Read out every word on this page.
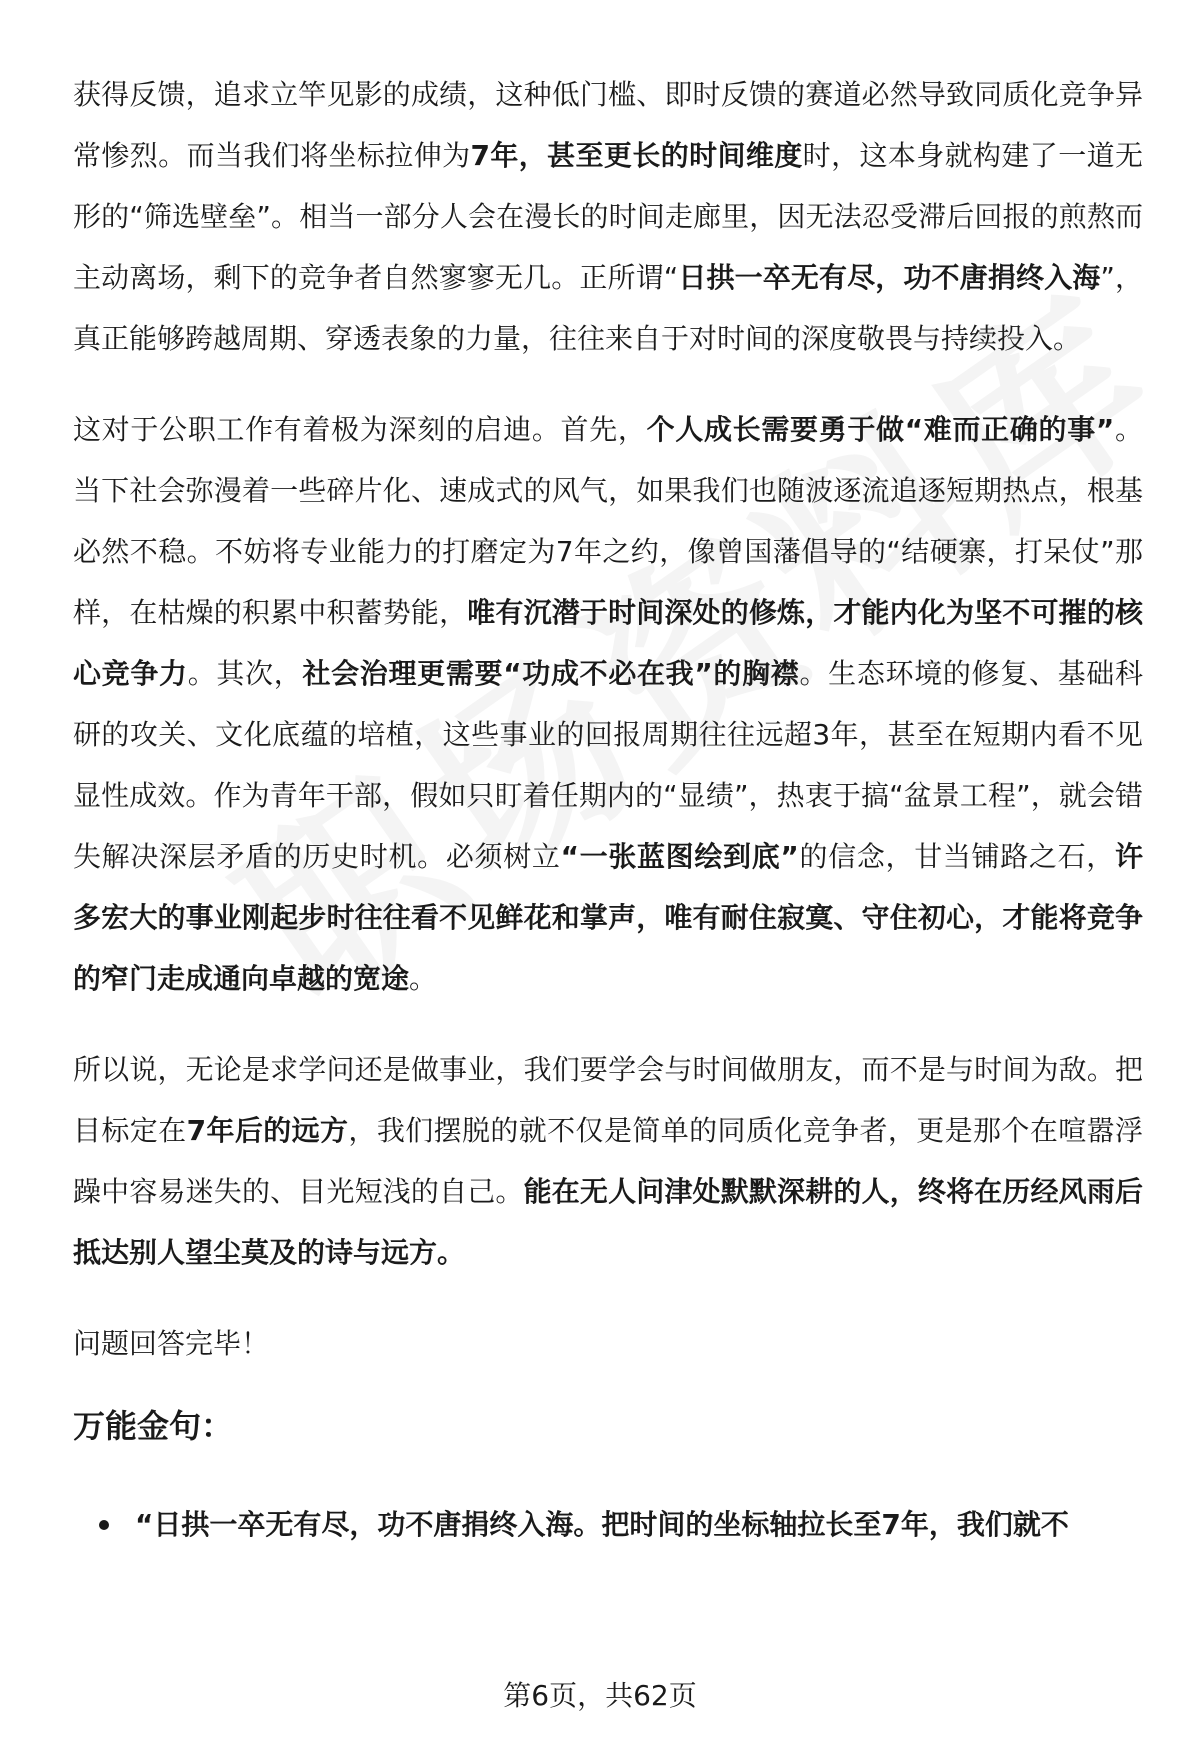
获得反馈，追求立竿见影的成绩，这种低门槛、即时反馈的赛道必然导致同质化竞争异常惨烈。而当我们将坐标拉伸为7年，甚至更长的时间维度时，这本身就构建了一道无形的“筛选壁垒”。相当一部分人会在漫长的时间走廊里，因无法忍受滞后回报的煎熬而主动离场，剩下的竞争者自然寥寥无几。正所谓“日拱一卒无有尽，功不唐捐终入海”，真正能够跨越周期、穿透表象的力量，往往来自于对时间的深度敬畏与持续投入。

这对于公职工作有着极为深刻的启迪。首先，个人成长需要勇于做“难而正确的事”。当下社会弥漫着一些碎片化、速成式的风气，如果我们也随波逐流追逐短期热点，根基必然不稳。不妨将专业能力的打磨定为7年之约，像曾国藩倡导的“结硬寨，打呆仗”那样，在枯燥的积累中积蓄势能，唯有沉潜于时间深处的修炼，才能内化为坚不可摧的核心竞争力。其次，社会治理更需要“功成不必在我”的胸襟。生态环境的修复、基础科研的攻关、文化底蕴的培植，这些事业的回报周期往往远超3年，甚至在短期内看不见显性成效。作为青年干部，假如只盯着任期内的“显绩”，热衷于搞“盆景工程”，就会错失解决深层矛盾的历史时机。必须树立“一张蓝图绘到底”的信念，甘当铺路之石，许多宏大的事业刚起步时往往看不见鲜花和掌声，唯有耐住寂寞、守住初心，才能将竞争的窄门走成通向卓越的宽途。

所以说，无论是求学问还是做事业，我们要学会与时间做朋友，而不是与时间为敌。把目标定在7年后的远方，我们摆脱的就不仅是简单的同质化竞争者，更是那个在喧嚣浮躁中容易迷失的、目光短浅的自己。能在无人问津处默默深耕的人，终将在历经风雨后抵达别人望尘莫及的诗与远方。

问题回答完毕！

万能金句：
“日拱一卒无有尽，功不唐捐终入海。把时间的坐标轴拉长至7年，我们就不
第6页，共62页
